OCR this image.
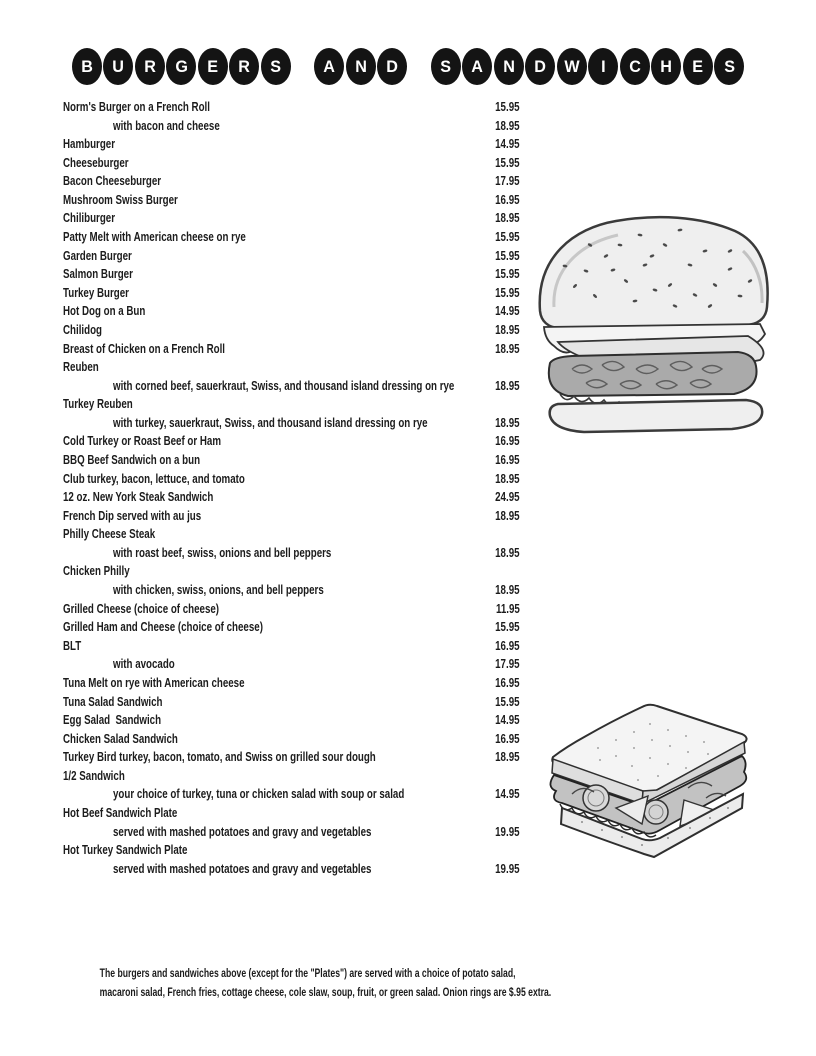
B U R G E R S A N D S A N D W I C H E S
Norm's Burger on a French Roll	15.95
with bacon and cheese	18.95
Hamburger	14.95
Cheeseburger	15.95
Bacon Cheeseburger	17.95
Mushroom Swiss Burger	16.95
Chiliburger	18.95
Patty Melt with American cheese on rye	15.95
Garden Burger	15.95
Salmon Burger	15.95
Turkey Burger	15.95
Hot Dog on a Bun	14.95
Chilidog	18.95
Breast of Chicken on a French Roll	18.95
Reuben
with corned beef, sauerkraut, Swiss, and thousand island dressing on rye	18.95
Turkey Reuben
with turkey, sauerkraut, Swiss, and thousand island dressing on rye	18.95
Cold Turkey or Roast Beef or Ham	16.95
BBQ Beef Sandwich on a bun	16.95
Club turkey, bacon, lettuce, and tomato	18.95
12 oz. New York Steak Sandwich	24.95
French Dip served with au jus	18.95
Philly Cheese Steak
with roast beef, swiss, onions and bell peppers	18.95
Chicken Philly
with chicken, swiss, onions, and bell peppers	18.95
Grilled Cheese (choice of cheese)	11.95
Grilled Ham and Cheese (choice of cheese)	15.95
BLT	16.95
with avocado	17.95
Tuna Melt on rye with American cheese	16.95
Tuna Salad Sandwich	15.95
Egg Salad  Sandwich	14.95
Chicken Salad Sandwich	16.95
Turkey Bird turkey, bacon, tomato, and Swiss on grilled sour dough	18.95
1/2 Sandwich
your choice of turkey, tuna or chicken salad with soup or salad	14.95
Hot Beef Sandwich Plate
served with mashed potatoes and gravy and vegetables	19.95
Hot Turkey Sandwich Plate
served with mashed potatoes and gravy and vegetables	19.95
The burgers and sandwiches above (except for the "Plates") are served with a choice of potato salad,
macaroni salad, French fries, cottage cheese, cole slaw, soup, fruit, or green salad. Onion rings are $.95 extra.
